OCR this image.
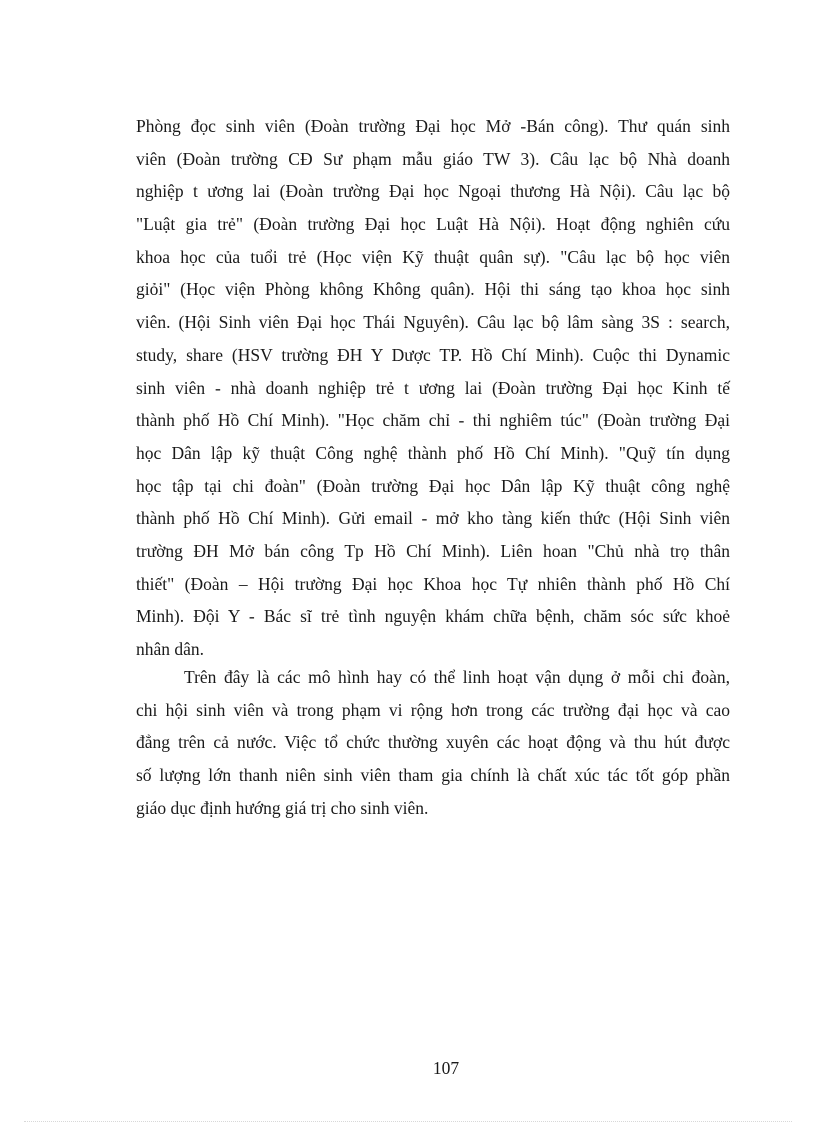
Phòng đọc sinh viên (Đoàn trường Đại học Mở -Bán công). Thư quán sinh
viên (Đoàn trường CĐ Sư phạm mẫu giáo TW 3). Câu lạc bộ Nhà doanh
nghiệp t ương lai (Đoàn trường Đại học Ngoại thương Hà Nội). Câu lạc bộ
"Luật gia trẻ" (Đoàn trường Đại học Luật Hà Nội). Hoạt động nghiên cứu
khoa học của tuổi trẻ (Học viện Kỹ thuật quân sự). "Câu lạc bộ học viên
giỏi" (Học viện Phòng không Không quân). Hội thi sáng tạo khoa học sinh
viên. (Hội Sinh viên Đại học Thái Nguyên). Câu lạc bộ lâm sàng 3S : search,
study, share (HSV trường ĐH Y Dược TP. Hồ Chí Minh). Cuộc thi Dynamic
sinh viên - nhà doanh nghiệp trẻ t ương lai (Đoàn trường Đại học Kinh tế
thành phố Hồ Chí Minh). "Học chăm chỉ - thi nghiêm túc" (Đoàn trường Đại
học Dân lập kỹ thuật Công nghệ thành phố Hồ Chí Minh). "Quỹ tín dụng
học tập tại chi đoàn" (Đoàn trường Đại học Dân lập Kỹ thuật công nghệ
thành phố Hồ Chí Minh). Gửi email - mở kho tàng kiến thức (Hội Sinh viên
trường ĐH Mở bán công Tp Hồ Chí Minh). Liên hoan "Chủ nhà trọ thân
thiết" (Đoàn – Hội trường Đại học Khoa học Tự nhiên thành phố Hồ Chí
Minh). Đội Y - Bác sĩ trẻ tình nguyện khám chữa bệnh, chăm sóc sức khoẻ
nhân dân.
Trên đây là các mô hình hay có thể linh hoạt vận dụng ở mỗi chi đoàn,
chi hội sinh viên và trong phạm vi rộng hơn trong các trường đại học và cao
đẳng trên cả nước. Việc tổ chức thường xuyên các hoạt động và thu hút được
số lượng lớn thanh niên sinh viên tham gia chính là chất xúc tác tốt góp phần
giáo dục định hướng giá trị cho sinh viên.
107
